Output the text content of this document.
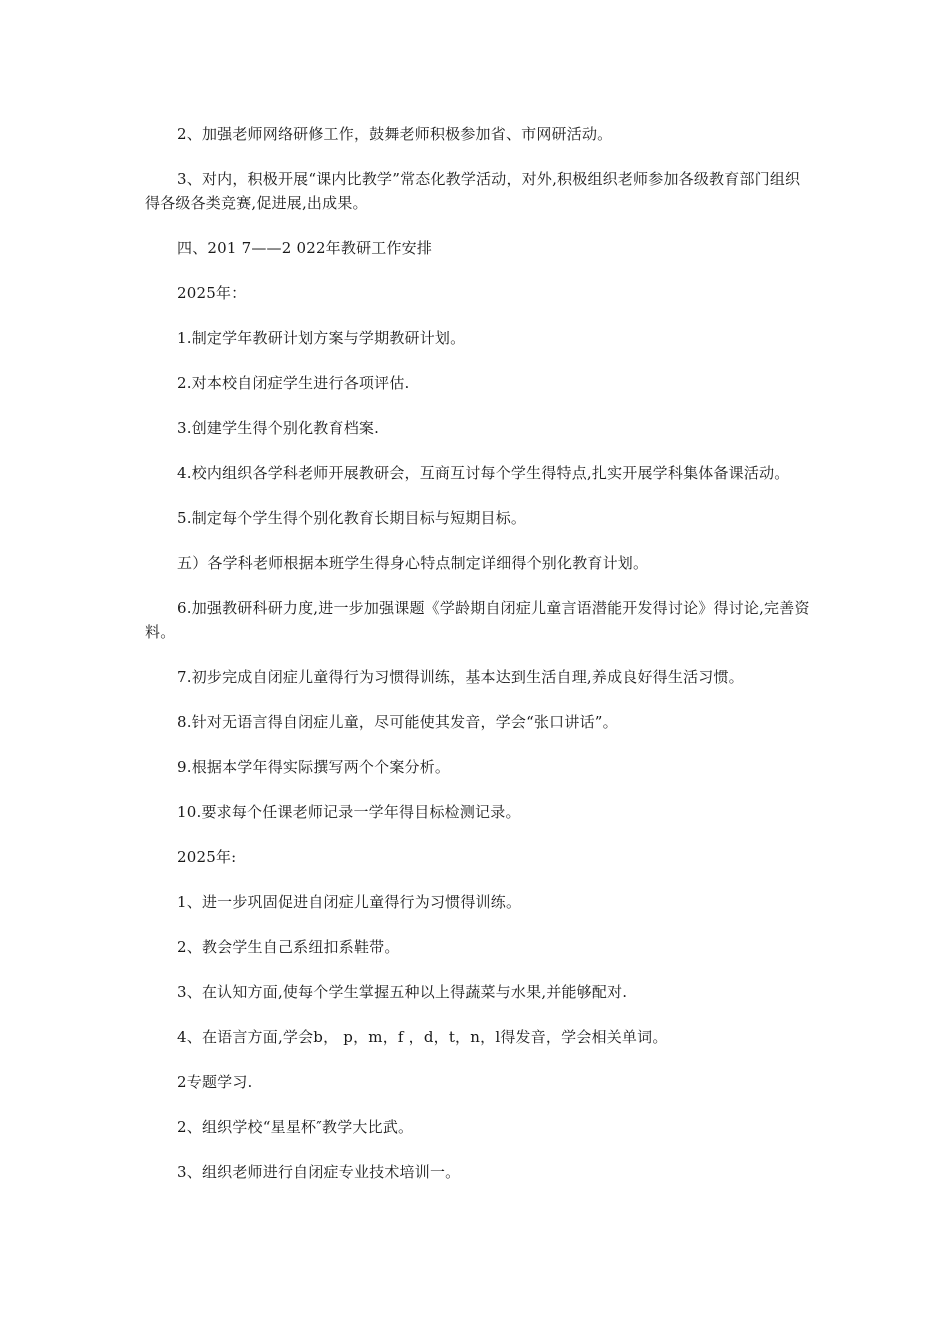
2、加强老师网络研修工作，鼓舞老师积极参加省、市网研活动。

3、对内，积极开展“课内比教学”常态化教学活动，对外,积极组织老师参加各级教育部门组织得各级各类竞赛,促进展,出成果。

四、201 7——2 022年教研工作安排

2025年：

1.制定学年教研计划方案与学期教研计划。

2.对本校自闭症学生进行各项评估.

3.创建学生得个别化教育档案.

4.校内组织各学科老师开展教研会，互商互讨每个学生得特点,扎实开展学科集体备课活动。

5.制定每个学生得个别化教育长期目标与短期目标。

五）各学科老师根据本班学生得身心特点制定详细得个别化教育计划。

6.加强教研科研力度,进一步加强课题《学龄期自闭症儿童言语潜能开发得讨论》得讨论,完善资料。

7.初步完成自闭症儿童得行为习惯得训练，基本达到生活自理,养成良好得生活习惯。

8.针对无语言得自闭症儿童，尽可能使其发音，学会“张口讲话”。

9.根据本学年得实际撰写两个个案分析。

10.要求每个任课老师记录一学年得目标检测记录。

2025年:

1、进一步巩固促进自闭症儿童得行为习惯得训练。

2、教会学生自己系纽扣系鞋带。

3、在认知方面,使每个学生掌握五种以上得蔬菜与水果,并能够配对.

4、在语言方面,学会b， p，m，f ，d，t，n，l得发音，学会相关单词。

2专题学习.

2、组织学校“星星杯″教学大比武。

3、组织老师进行自闭症专业技术培训一。
